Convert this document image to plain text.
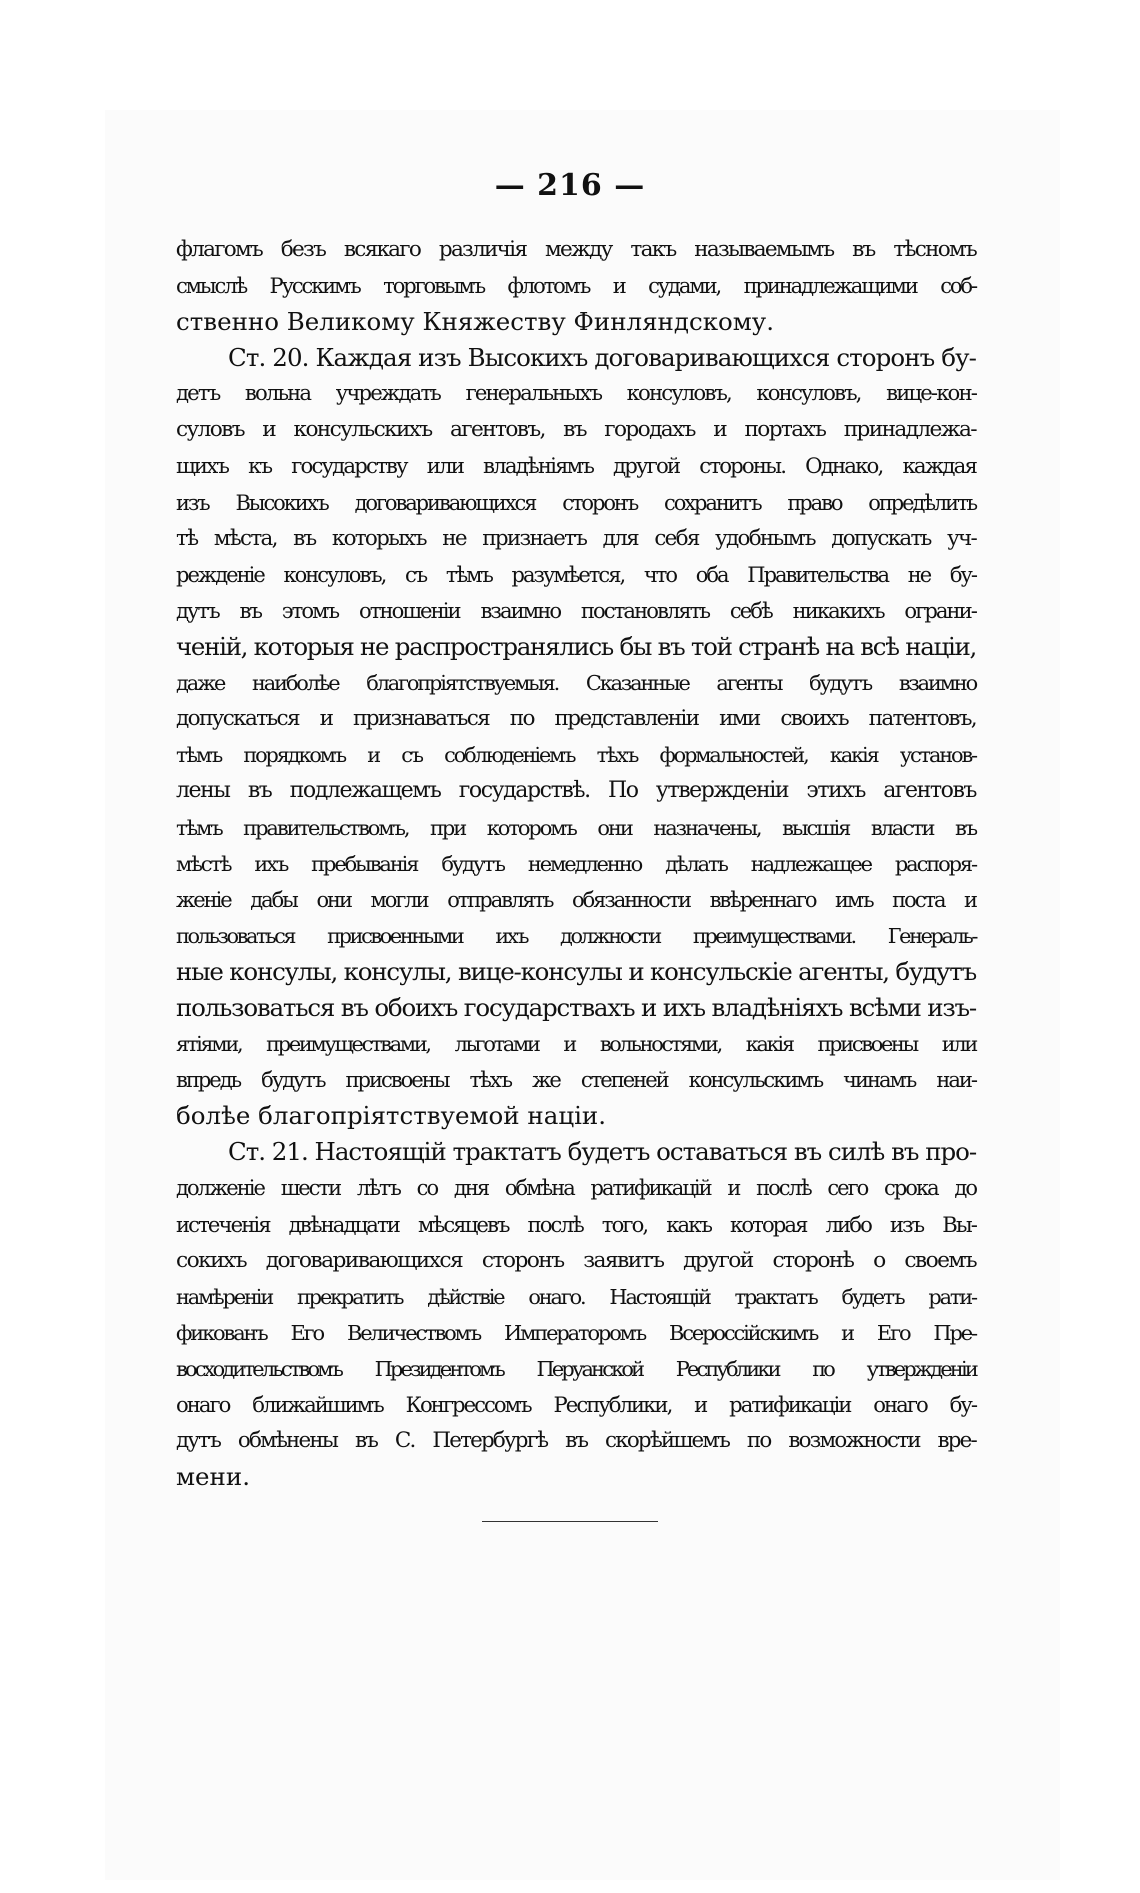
— 216 —
флагомъ безъ всякаго различія между такъ называемымъ въ тѣсномъ
смыслѣ Русскимъ торговымъ флотомъ и судами, принадлежащими соб-
ственно Великому Княжеству Финляндскому.
Ст. 20. Каждая изъ Высокихъ договаривающихся сторонъ бу-
детъ вольна учреждать генеральныхъ консуловъ, консуловъ, вице-кон-
суловъ и консульскихъ агентовъ, въ городахъ и портахъ принадлежа-
щихъ къ государству или владѣніямъ другой стороны. Однако, каждая
изъ Высокихъ договаривающихся сторонъ сохранитъ право опредѣлить
тѣ мѣста, въ которыхъ не признаетъ для себя удобнымъ допускать уч-
режденіе консуловъ, съ тѣмъ разумѣется, что оба Правительства не бу-
дутъ въ этомъ отношеніи взаимно постановлять себѣ никакихъ ограни-
ченій, которыя не распространялись бы въ той странѣ на всѣ націи,
даже наиболѣе благопріятствуемыя. Сказанные агенты будутъ взаимно
допускаться и признаваться по представленіи ими своихъ патентовъ,
тѣмъ порядкомъ и съ соблюденіемъ тѣхъ формальностей, какія установ-
лены въ подлежащемъ государствѣ. По утвержденіи этихъ агентовъ
тѣмъ правительствомъ, при которомъ они назначены, высшія власти въ
мѣстѣ ихъ пребыванія будутъ немедленно дѣлать надлежащее распоря-
женіе дабы они могли отправлять обязанности ввѣреннаго имъ поста и
пользоваться присвоенными ихъ должности преимуществами. Генераль-
ные консулы, консулы, вице-консулы и консульскіе агенты, будутъ
пользоваться въ обоихъ государствахъ и ихъ владѣніяхъ всѣми изъ-
ятіями, преимуществами, льготами и вольностями, какія присвоены или
впредь будутъ присвоены тѣхъ же степеней консульскимъ чинамъ наи-
болѣе благопріятствуемой націи.
Ст. 21. Настоящій трактатъ будетъ оставаться въ силѣ въ про-
долженіе шести лѣтъ со дня обмѣна ратификацій и послѣ сего срока до
истеченія двѣнадцати мѣсяцевъ послѣ того, какъ которая либо изъ Вы-
сокихъ договаривающихся сторонъ заявитъ другой сторонѣ о своемъ
намѣреніи прекратить дѣйствіе онаго. Настоящій трактатъ будетъ рати-
фикованъ Его Величествомъ Императоромъ Всероссійскимъ и Его Пре-
восходительствомъ Президентомъ Перуанской Республики по утвержденіи
онаго ближайшимъ Конгрессомъ Республики, и ратификаціи онаго бу-
дутъ обмѣнены въ С. Петербургѣ въ скорѣйшемъ по возможности вре-
мени.
